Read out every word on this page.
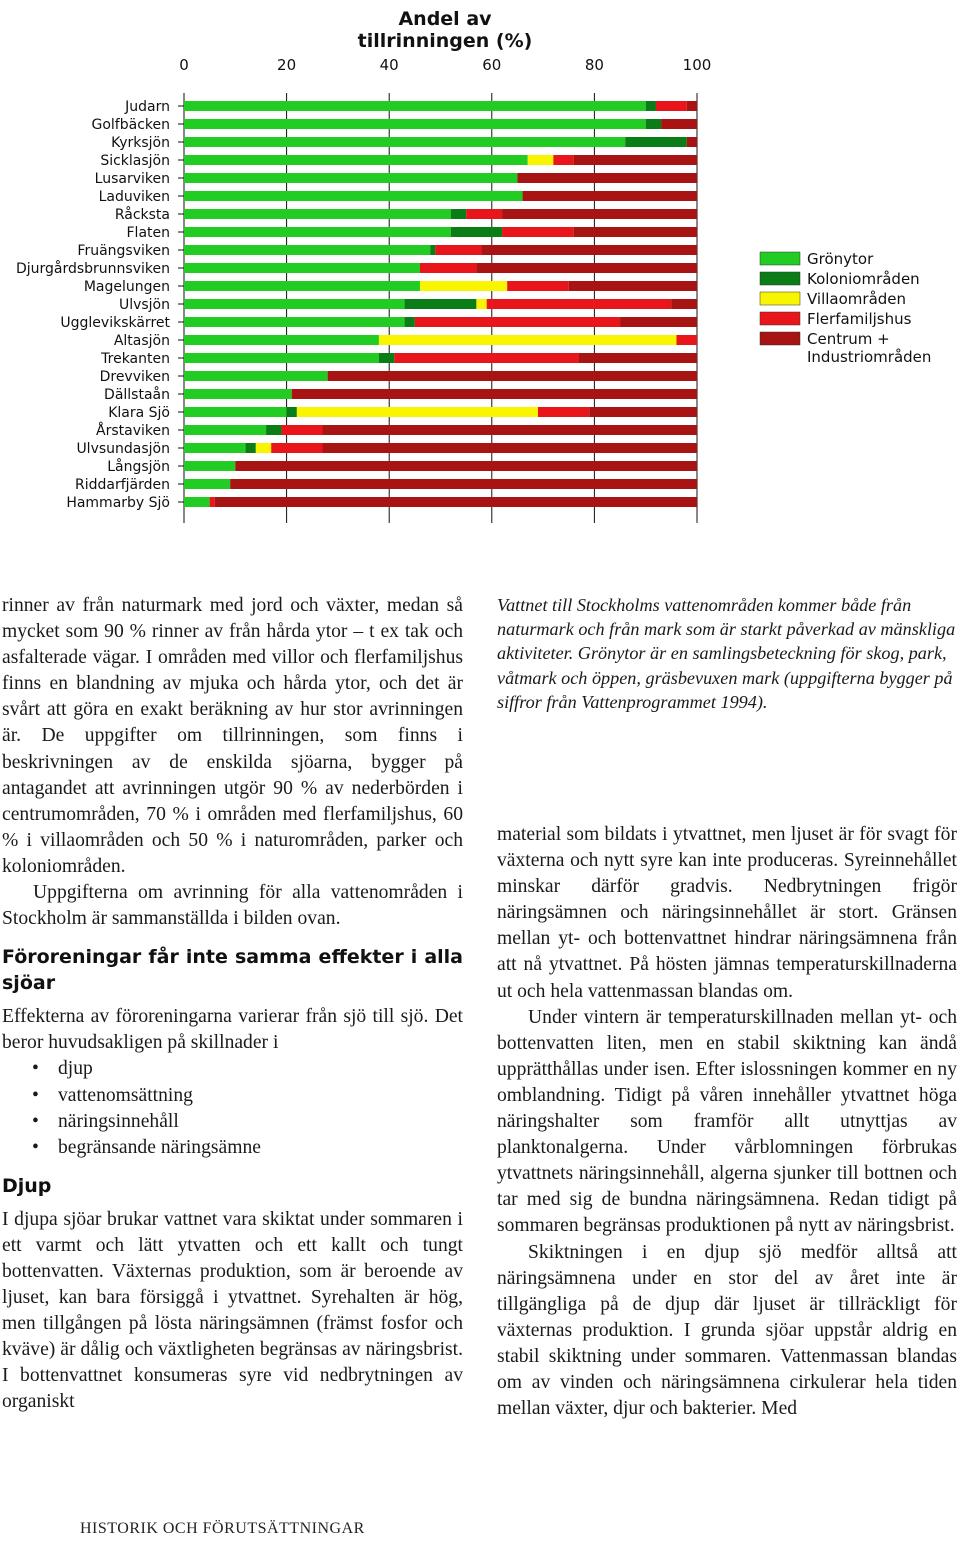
Andel av tillrinningen (%)
0	20	40	60	80	100
Judarn
Golfbäcken
Kyrksjön
Sicklasjön
Lusarviken
Laduviken
Råcksta
Flaten
Fruängsviken
Djurgårdsbrunnsviken
Magelungen
Ulvsjön
Ugglevikskärret
Altasjön
Trekanten
Drevviken
Dällstaån
Klara Sjö
Årstaviken
Ulvsundasjön
Långsjön
Riddarfjärden
Hammarby Sjö
Grönytor
Koloniområden
Villaområden
Flerfamiljshus
Centrum +
Industriområden
Vattnet till Stockholms vattenområden kommer både från naturmark och från mark som är starkt påverkad av mänskliga aktiviteter. Grönytor är en samlingsbeteckning för skog, park, våtmark och öppen, gräsbevuxen mark (uppgifterna bygger på siffror från Vattenprogrammet 1994).

rinner av från naturmark med jord och växter, medan så mycket som 90 % rinner av från hårda ytor – t ex tak och asfalterade vägar. I områden med villor och flerfamiljshus finns en blandning av mjuka och hårda ytor, och det är svårt att göra en exakt beräkning av hur stor avrinningen är. De uppgifter om tillrinningen, som finns i beskrivningen av de enskilda sjöarna, bygger på antagandet att avrinningen utgör 90 % av nederbörden i centrumområden, 70 % i områden med flerfamiljshus, 60 % i villaområden och 50 % i naturområden, parker och koloniområden.

Uppgifterna om avrinning för alla vattenområden i Stockholm är sammanställda i bilden ovan.

Föroreningar får inte samma effekter i alla sjöar

Effekterna av föroreningarna varierar från sjö till sjö. Det beror huvudsakligen på skillnader i

• djup
• vattenomsättning
• näringsinnehåll
• begränsande näringsämne
Djup

I djupa sjöar brukar vattnet vara skiktat under sommaren i ett varmt och lätt ytvatten och ett kallt och tungt bottenvatten. Växternas produktion, som är beroende av ljuset, kan bara försiggå i ytvattnet. Syrehalten är hög, men tillgången på lösta näringsämnen (främst fosfor och kväve) är dålig och växtligheten begränsas av näringsbrist. I bottenvattnet konsumeras syre vid nedbrytningen av organiskt

material som bildats i ytvattnet, men ljuset är för svagt för växterna och nytt syre kan inte produceras. Syreinnehållet minskar därför gradvis. Nedbrytningen frigör näringsämnen och näringsinnehållet är stort. Gränsen mellan yt- och bottenvattnet hindrar näringsämnena från att nå ytvattnet. På hösten jämnas temperaturskillnaderna ut och hela vattenmassan blandas om.

Under vintern är temperaturskillnaden mellan yt- och bottenvatten liten, men en stabil skiktning kan ändå upprätthållas under isen. Efter islossningen kommer en ny omblandning. Tidigt på våren innehåller ytvattnet höga näringshalter som framför allt utnyttjas av planktonalgerna. Under vårblomningen förbrukas ytvattnets näringsinnehåll, algerna sjunker till bottnen och tar med sig de bundna näringsämnena. Redan tidigt på sommaren begränsas produktionen på nytt av näringsbrist.

Skiktningen i en djup sjö medför alltså att näringsämnena under en stor del av året inte är tillgängliga på de djup där ljuset är tillräckligt för växternas produktion. I grunda sjöar uppstår aldrig en stabil skiktning under sommaren. Vattenmassan blandas om av vinden och näringsämnena cirkulerar hela tiden mellan växter, djur och bakterier. Med

HISTORIK OCH FÖRUTSÄTTNINGAR
